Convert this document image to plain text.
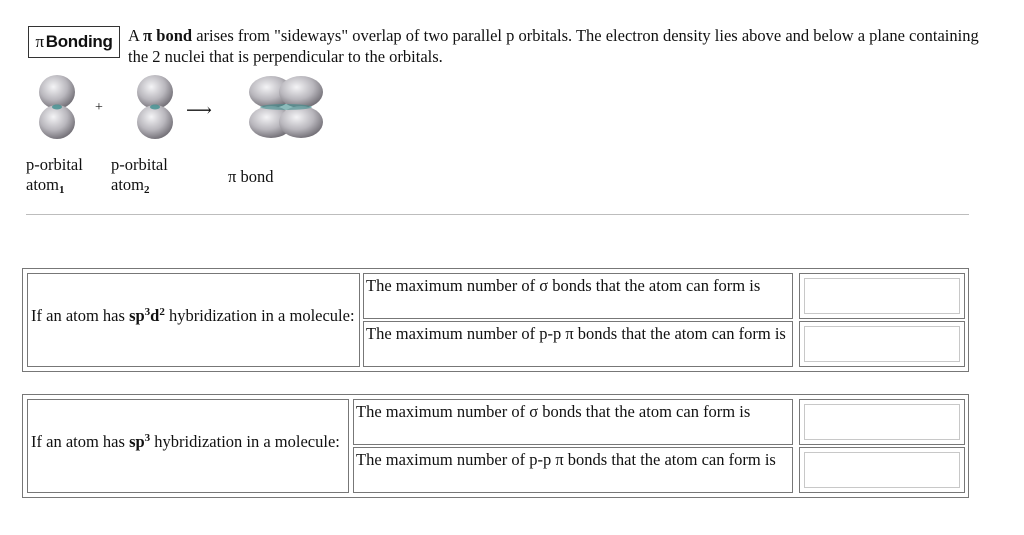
π Bonding A π bond arises from "sideways" overlap of two parallel p orbitals. The electron density lies above and below a plane containing the 2 nuclei that is perpendicular to the orbitals.
+	⟶
p-orbital
atom$_1$
p-orbital
atom$_2$
π bond
If an atom has $sp^3d^2$ hybridization in a molecule:
The maximum number of σ bonds that the atom can form is
The maximum number of p-p π bonds that the atom can form is
If an atom has $sp^3$ hybridization in a molecule:
The maximum number of σ bonds that the atom can form is
The maximum number of p-p π bonds that the atom can form is
